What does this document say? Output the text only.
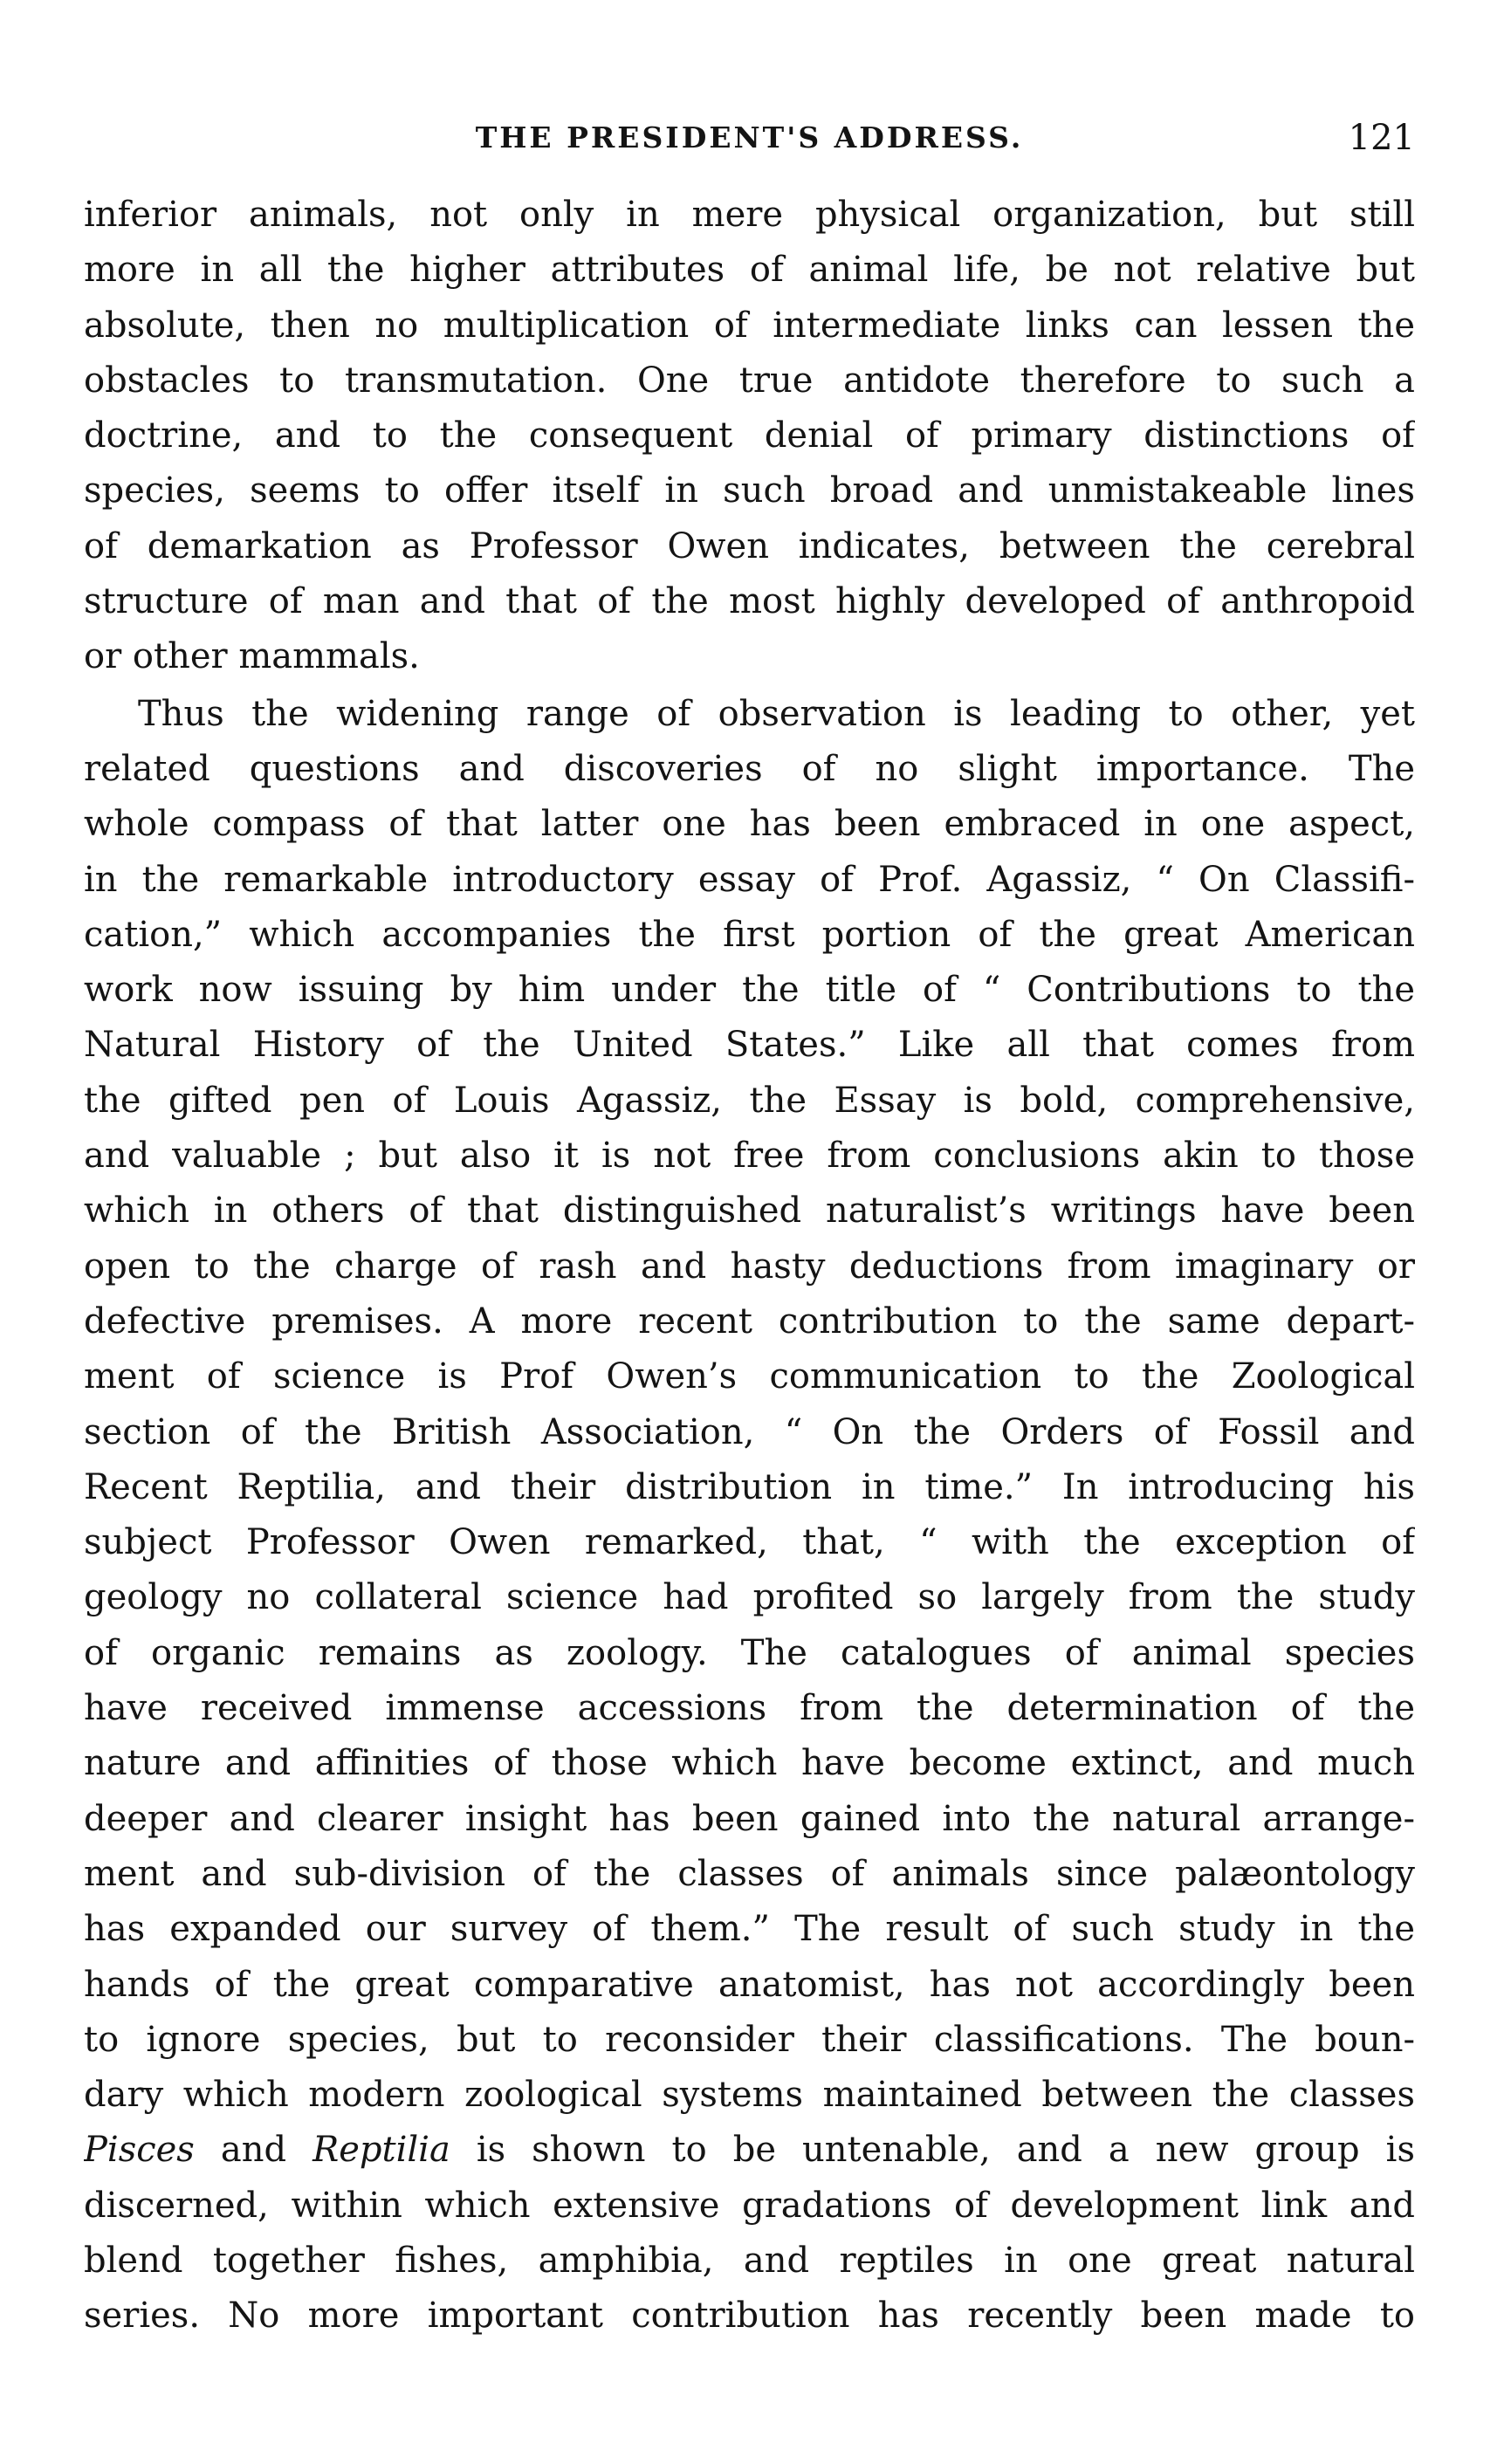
THE PRESIDENT'S ADDRESS.	121
inferior animals, not only in mere physical organization, but still
more in all the higher attributes of animal life, be not relative but
absolute, then no multiplication of intermediate links can lessen the
obstacles to transmutation. One true antidote therefore to such a
doctrine, and to the consequent denial of primary distinctions of
species, seems to offer itself in such broad and unmistakeable lines
of demarkation as Professor Owen indicates, between the cerebral
structure of man and that of the most highly developed of anthropoid
or other mammals.
Thus the widening range of observation is leading to other, yet
related questions and discoveries of no slight importance. The
whole compass of that latter one has been embraced in one aspect,
in the remarkable introductory essay of Prof. Agassiz, “ On Classifi-
cation,” which accompanies the first portion of the great American
work now issuing by him under the title of “ Contributions to the
Natural History of the United States.” Like all that comes from
the gifted pen of Louis Agassiz, the Essay is bold, comprehensive,
and valuable ; but also it is not free from conclusions akin to those
which in others of that distinguished naturalist’s writings have been
open to the charge of rash and hasty deductions from imaginary or
defective premises. A more recent contribution to the same depart-
ment of science is Prof Owen’s communication to the Zoological
section of the British Association, “ On the Orders of Fossil and
Recent Reptilia, and their distribution in time.” In introducing his
subject Professor Owen remarked, that, “ with the exception of
geology no collateral science had profited so largely from the study
of organic remains as zoology. The catalogues of animal species
have received immense accessions from the determination of the
nature and affinities of those which have become extinct, and much
deeper and clearer insight has been gained into the natural arrange-
ment and sub-division of the classes of animals since palæontology
has expanded our survey of them.” The result of such study in the
hands of the great comparative anatomist, has not accordingly been
to ignore species, but to reconsider their classifications. The boun-
dary which modern zoological systems maintained between the classes
Pisces and Reptilia is shown to be untenable, and a new group is
discerned, within which extensive gradations of development link and
blend together fishes, amphibia, and reptiles in one great natural
series. No more important contribution has recently been made to
